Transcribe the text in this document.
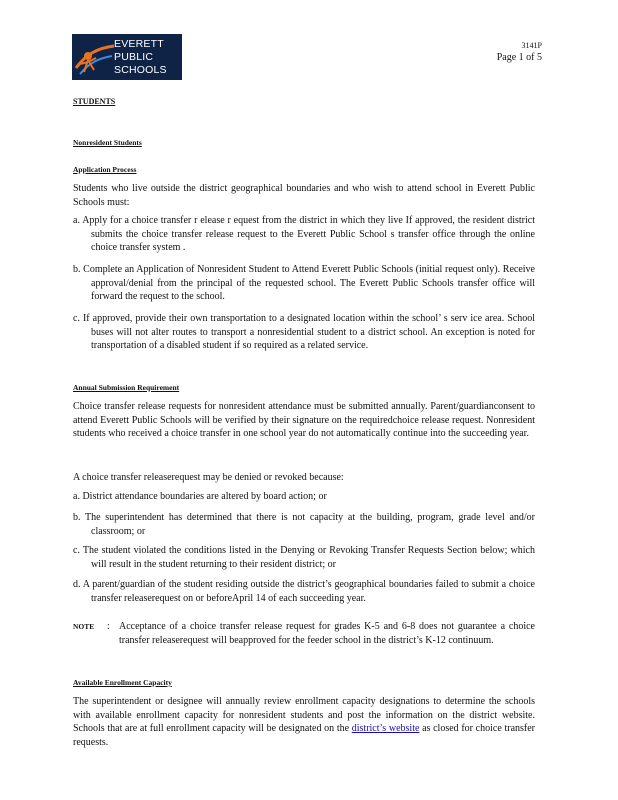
EVERETT
PUBLIC
SCHOOLS
3141P
Page 1 of 5
STUDENTS
Nonresident Students
Application Process
Students who live outside the district geographical boundaries and who wish to attend school in Everett Public Schools must:
a. Apply for a choice transfer r elease r equest from the district in which they live If approved, the resident district submits the choice transfer release request to the Everett Public School s transfer office through the online choice transfer system .
b. Complete an Application of Nonresident Student to Attend Everett Public Schools (initial request only). Receive approval/denial from the principal of the requested school. The Everett Public Schools transfer office will forward the request to the school.
c. If approved, provide their own transportation to a designated location within the school’ s serv ice area. School buses will not alter routes to transport a nonresidential student to a district school. An exception is noted for transportation of a disabled student if so required as a related service.
Annual Submission Requirement
Choice transfer release requests for nonresident attendance must be submitted annually. Parent/guardianconsent to attend Everett Public Schools will be verified by their signature on the requiredchoice release request. Nonresident students who received a choice transfer in one school year do not automatically continue into the succeeding year.
A choice transfer releaserequest may be denied or revoked because:
a. District attendance boundaries are altered by board action; or
b. The superintendent has determined that there is not capacity at the building, program, grade level and/or classroom; or
c. The student violated the conditions listed in the Denying or Revoking Transfer Requests Section below; which will result in the student returning to their resident district; or
d. A parent/guardian of the student residing outside the district’s geographical boundaries failed to submit a choice transfer releaserequest on or beforeApril 14 of each succeeding year.
NOTE : Acceptance of a choice transfer release request for grades K-5 and 6-8 does not guarantee a choice transfer releaserequest will beapproved for the feeder school in the district’s K-12 continuum.
Available Enrollment Capacity
The superintendent or designee will annually review enrollment capacity designations to determine the schools with available enrollment capacity for nonresident students and post the information on the district website. Schools that are at full enrollment capacity will be designated on the district’s website as closed for choice transfer requests.
